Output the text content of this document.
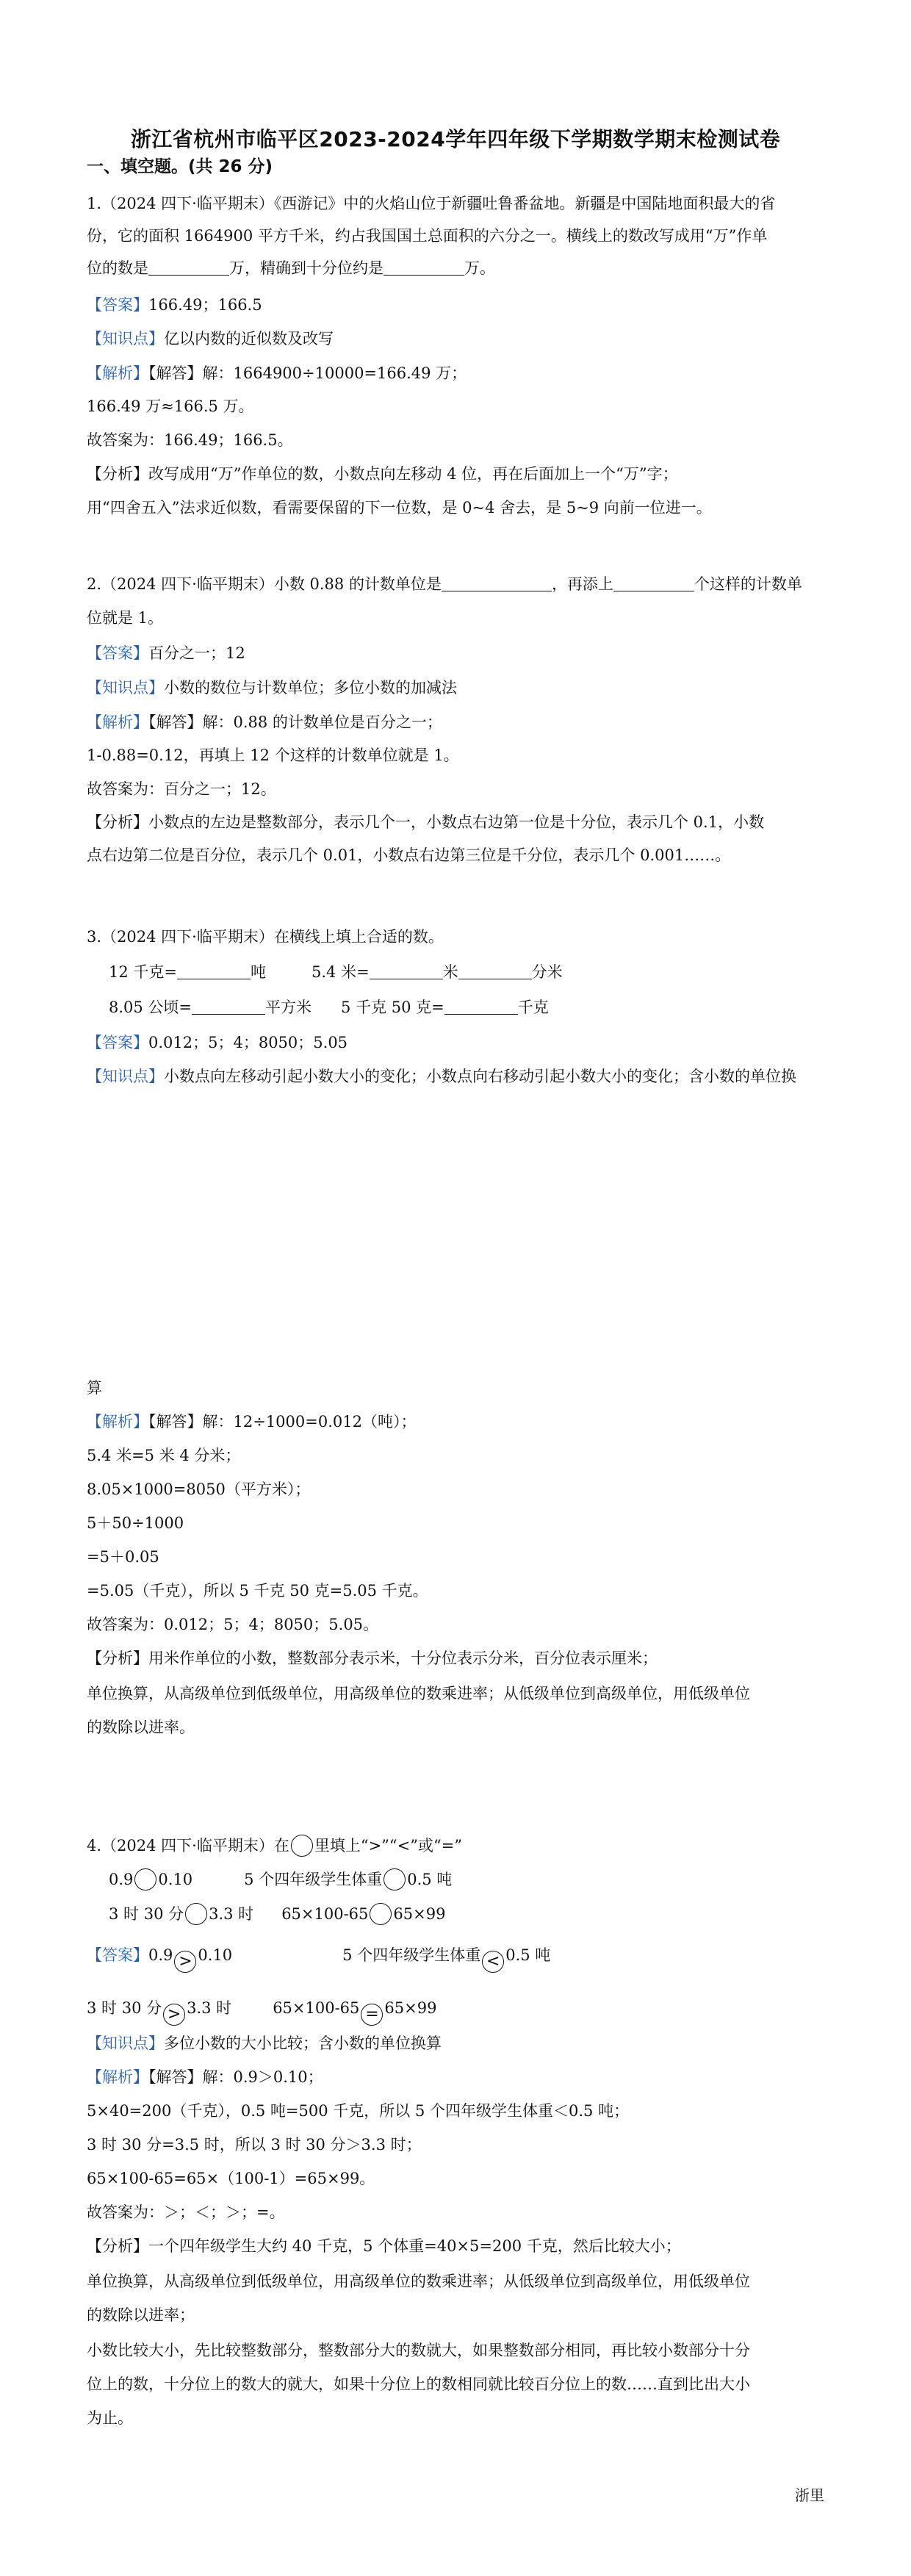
浙江省杭州市临平区2023-2024学年四年级下学期数学期末检测试卷
一、填空题。(共 26 分)
1.（2024 四下·临平期末）《西游记》中的火焰山位于新疆吐鲁番盆地。新疆是中国陆地面积最大的省
份，它的面积 1664900 平方千米，约占我国国土总面积的六分之一。横线上的数改写成用“万”作单
位的数是	万，精确到十分位约是	万。
【答案】166.49；166.5
【知识点】亿以内数的近似数及改写
【解析】【解答】解：1664900÷10000=166.49 万；
166.49 万≈166.5 万。
故答案为：166.49；166.5。
【分析】改写成用“万”作单位的数，小数点向左移动 4 位，再在后面加上一个“万”字；
用“四舍五入”法求近似数，看需要保留的下一位数，是 0~4 舍去，是 5~9 向前一位进一。
2.（2024 四下·临平期末）小数 0.88 的计数单位是	，再添上	个这样的计数单
位就是 1。
【答案】百分之一；12
【知识点】小数的数位与计数单位；多位小数的加减法
【解析】【解答】解：0.88 的计数单位是百分之一；
1-0.88=0.12，再填上 12 个这样的计数单位就是 1。
故答案为：百分之一；12。
【分析】小数点的左边是整数部分，表示几个一，小数点右边第一位是十分位，表示几个 0.1，小数
点右边第二位是百分位，表示几个 0.01，小数点右边第三位是千分位，表示几个 0.001……。
3.（2024 四下·临平期末）在横线上填上合适的数。
12 千克=	吨	5.4 米=	米	分米
8.05 公顷=	平方米 5 千克 50 克=	千克
【答案】0.012；5；4；8050；5.05
【知识点】小数点向左移动引起小数大小的变化；小数点向右移动引起小数大小的变化；含小数的单位换
算
【解析】【解答】解：12÷1000=0.012（吨）；
5.4 米=5 米 4 分米；
8.05×1000=8050（平方米）；
5＋50÷1000
=5＋0.05
=5.05（千克），所以 5 千克 50 克=5.05 千克。
故答案为：0.012；5；4；8050；5.05。
【分析】用米作单位的小数，整数部分表示米，十分位表示分米，百分位表示厘米；
单位换算，从高级单位到低级单位，用高级单位的数乘进率；从低级单位到高级单位，用低级单位
的数除以进率。
4.（2024 四下·临平期末）在 里填上“>”“<”或“=”
0.9 0.10	5 个四年级学生体重 0.5 吨
3 时 30 分 3.3 时 65×100-65 65×99
【答案】0.9 > 0.10	5 个四年级学生体重 < 0.5 吨
3 时 30 分 > 3.3 时	65×100-65 = 65×99
【知识点】多位小数的大小比较；含小数的单位换算
【解析】【解答】解：0.9＞0.10；
5×40=200（千克），0.5 吨=500 千克，所以 5 个四年级学生体重＜0.5 吨；
3 时 30 分=3.5 时，所以 3 时 30 分＞3.3 时；
65×100-65=65×（100-1）=65×99。
故答案为：＞；＜；＞；=。
【分析】一个四年级学生大约 40 千克，5 个体重=40×5=200 千克，然后比较大小；
单位换算，从高级单位到低级单位，用高级单位的数乘进率；从低级单位到高级单位，用低级单位
的数除以进率；
小数比较大小，先比较整数部分，整数部分大的数就大，如果整数部分相同，再比较小数部分十分
位上的数，十分位上的数大的就大，如果十分位上的数相同就比较百分位上的数……直到比出大小
为止。
浙里
